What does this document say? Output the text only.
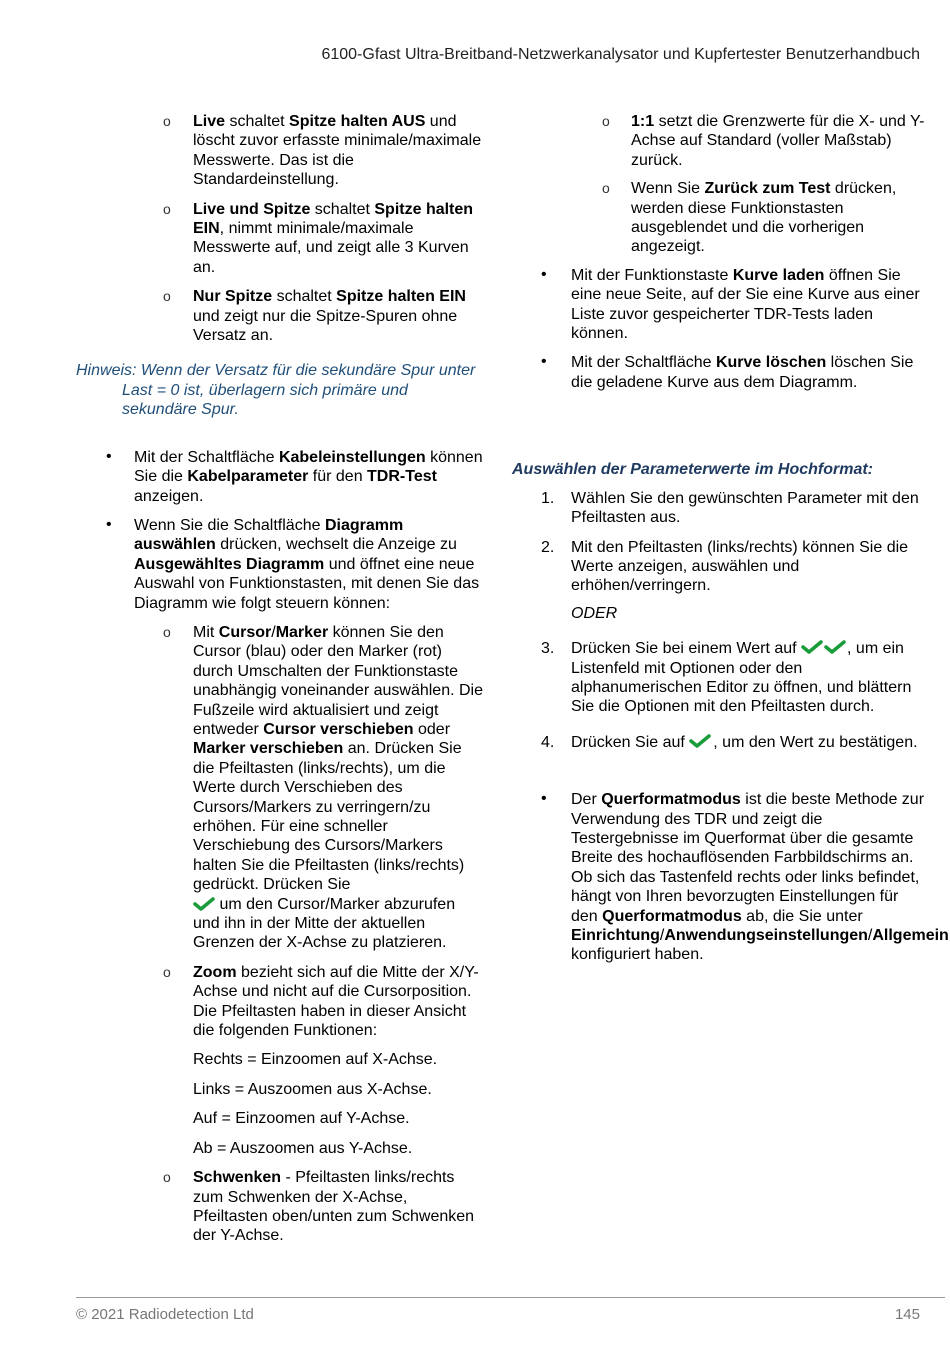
6100-Gfast Ultra-Breitband-Netzwerkanalysator und Kupfertester Benutzerhandbuch
o Live schaltet Spitze halten AUS und löscht zuvor erfasste minimale/maximale Messwerte. Das ist die Standardeinstellung.
o Live und Spitze schaltet Spitze halten EIN, nimmt minimale/maximale Messwerte auf, und zeigt alle 3 Kurven an.
o Nur Spitze schaltet Spitze halten EIN und zeigt nur die Spitze-Spuren ohne Versatz an.
Hinweis: Wenn der Versatz für die sekundäre Spur unter Last = 0 ist, überlagern sich primäre und sekundäre Spur.
• Mit der Schaltfläche Kabeleinstellungen können Sie die Kabelparameter für den TDR-Test anzeigen.
• Wenn Sie die Schaltfläche Diagramm auswählen drücken, wechselt die Anzeige zu Ausgewähltes Diagramm und öffnet eine neue Auswahl von Funktionstasten, mit denen Sie das Diagramm wie folgt steuern können:
o Mit Cursor/Marker können Sie den Cursor (blau) oder den Marker (rot) durch Umschalten der Funktionstaste unabhängig voneinander auswählen. Die Fußzeile wird aktualisiert und zeigt entweder Cursor verschieben oder Marker verschieben an. Drücken Sie die Pfeiltasten (links/rechts), um die Werte durch Verschieben des Cursors/Markers zu verringern/zu erhöhen. Für eine schneller Verschiebung des Cursors/Markers halten Sie die Pfeiltasten (links/rechts) gedrückt. Drücken Sie
um den Cursor/Marker abzurufen und ihn in der Mitte der aktuellen Grenzen der X-Achse zu platzieren.
o Zoom bezieht sich auf die Mitte der X/Y-Achse und nicht auf die Cursorposition. Die Pfeiltasten haben in dieser Ansicht die folgenden Funktionen:
Rechts = Einzoomen auf X-Achse.
Links = Auszoomen aus X-Achse.
Auf = Einzoomen auf Y-Achse.
Ab = Auszoomen aus Y-Achse.
o Schwenken - Pfeiltasten links/rechts zum Schwenken der X-Achse, Pfeiltasten oben/unten zum Schwenken der Y-Achse.
o 1:1 setzt die Grenzwerte für die X- und Y-Achse auf Standard (voller Maßstab) zurück.
o Wenn Sie Zurück zum Test drücken, werden diese Funktionstasten ausgeblendet und die vorherigen angezeigt.
• Mit der Funktionstaste Kurve laden öffnen Sie eine neue Seite, auf der Sie eine Kurve aus einer Liste zuvor gespeicherter TDR-Tests laden können.
• Mit der Schaltfläche Kurve löschen löschen Sie die geladene Kurve aus dem Diagramm.
Auswählen der Parameterwerte im Hochformat:
1. Wählen Sie den gewünschten Parameter mit den Pfeiltasten aus.
2. Mit den Pfeiltasten (links/rechts) können Sie die Werte anzeigen, auswählen und erhöhen/verringern.
ODER
3. Drücken Sie bei einem Wert auf	, um ein Listenfeld mit Optionen oder den alphanumerischen Editor zu öffnen, und blättern Sie die Optionen mit den Pfeiltasten durch.
4. Drücken Sie auf , um den Wert zu bestätigen.
• Der Querformatmodus ist die beste Methode zur Verwendung des TDR und zeigt die Testergebnisse im Querformat über die gesamte Breite des hochauflösenden Farbbildschirms an. Ob sich das Tastenfeld rechts oder links befindet, hängt von Ihren bevorzugten Einstellungen für den Querformatmodus ab, die Sie unter Einrichtung/Anwendungseinstellungen/Allgemein konfiguriert haben.
© 2021 Radiodetection Ltd	145
